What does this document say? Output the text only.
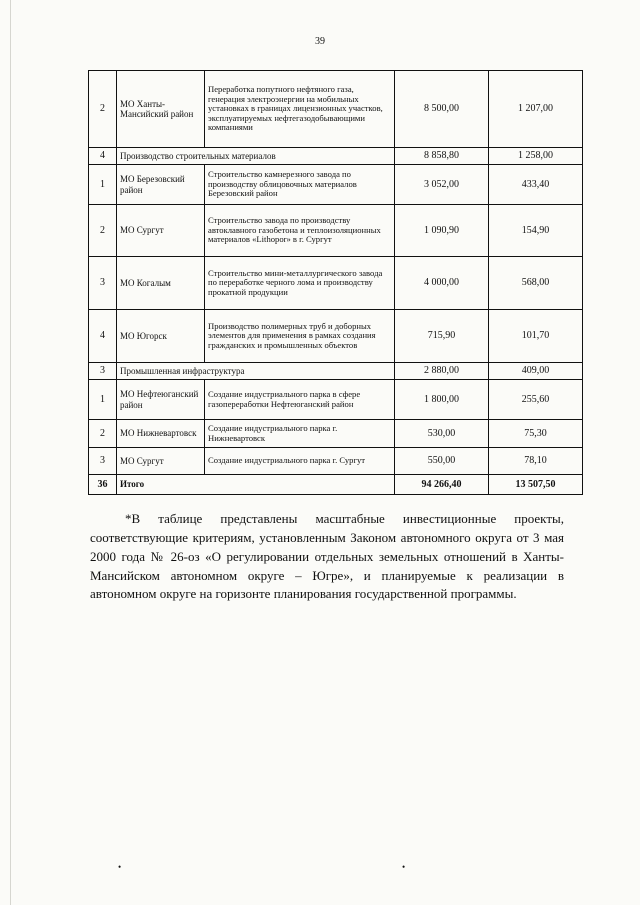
39
2	МО Ханты-Мансийский район	Переработка попутного нефтяного газа, генерация электроэнергии на мобильных установках в границах лицензионных участков, эксплуатируемых нефтегазодобывающими компаниями	8 500,00	1 207,00
4	Производство строительных материалов		8 858,80	1 258,00
1	МО Березовский район	Строительство камнерезного завода по производству облицовочных материалов Березовский район	3 052,00	433,40
2	МО Сургут	Строительство завода по производству автоклавного газобетона и теплоизоляционных материалов «Lithopor» в г. Сургут	1 090,90	154,90
3	МО Когалым	Строительство мини-металлургического завода по переработке черного лома и производству прокатной продукции	4 000,00	568,00
4	МО Югорск	Производство полимерных труб и доборных элементов для применения в рамках создания гражданских и промышленных объектов	715,90	101,70
3	Промышленная инфраструктура		2 880,00	409,00
1	МО Нефтеюганский район	Создание индустриального парка в сфере газопереработки Нефтеюганский район	1 800,00	255,60
2	МО Нижневартовск	Создание индустриального парка г. Нижневартовск	530,00	75,30
3	МО Сургут	Создание индустриального парка г. Сургут	550,00	78,10
36	Итого		94 266,40	13 507,50

*В таблице представлены масштабные инвестиционные проекты, соответствующие критериям, установленным Законом автономного округа от 3 мая 2000 года № 26-оз «О регулировании отдельных земельных отношений в Ханты-Мансийском автономном округе – Югре», и планируемые к реализации в автономном округе на горизонте планирования государственной программы.

•	•
